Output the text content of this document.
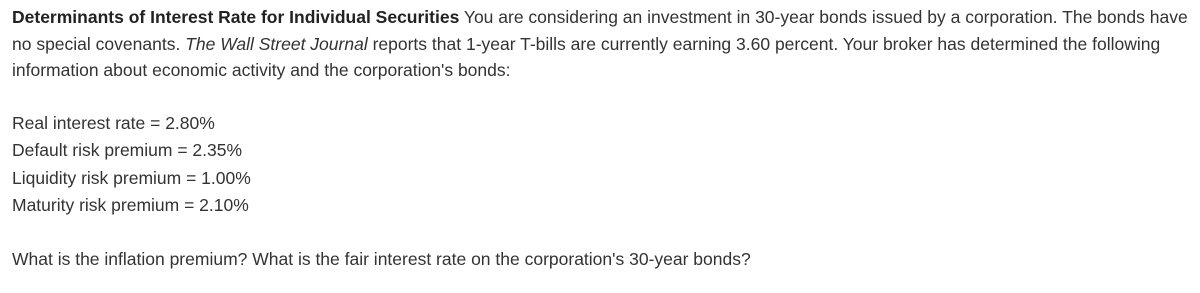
Determinants of Interest Rate for Individual Securities You are considering an investment in 30-year bonds issued by a corporation. The bonds have no special covenants. The Wall Street Journal reports that 1-year T-bills are currently earning 3.60 percent. Your broker has determined the following information about economic activity and the corporation's bonds:

Real interest rate = 2.80%
Default risk premium = 2.35%
Liquidity risk premium = 1.00%
Maturity risk premium = 2.10%

What is the inflation premium? What is the fair interest rate on the corporation's 30-year bonds?
